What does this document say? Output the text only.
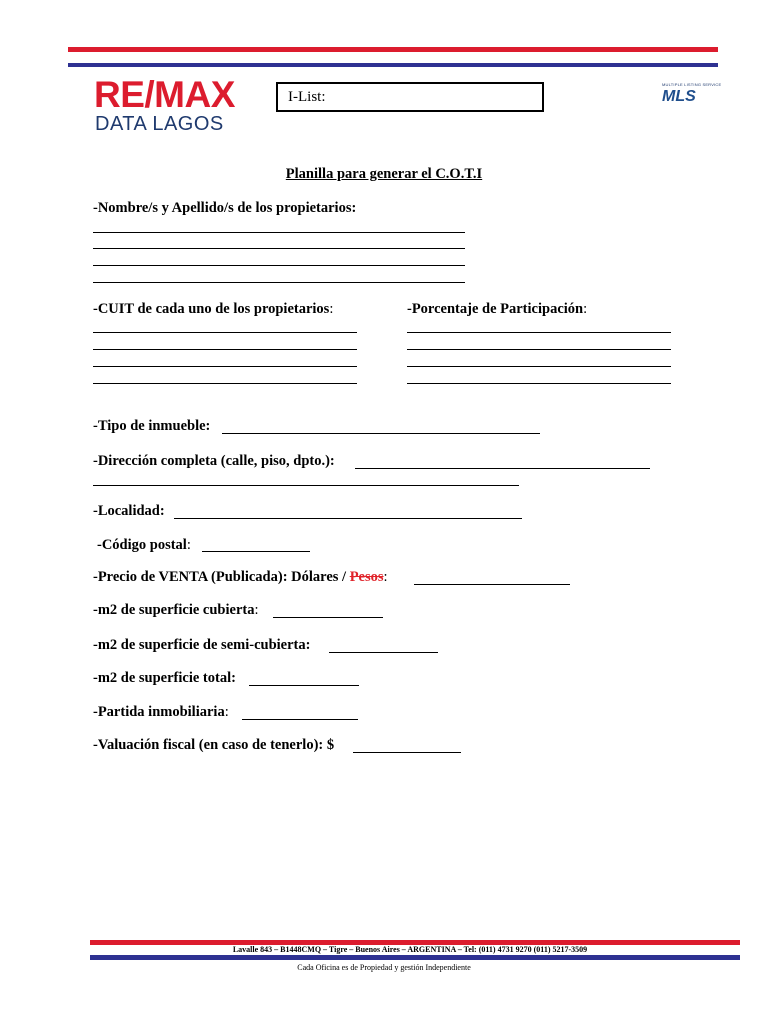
RE/MAX
DATA LAGOS
I-List:
MULTIPLE LISTING SERVICE
MLS
Planilla para generar el C.O.T.I
-Nombre/s y Apellido/s de los propietarios:
-CUIT de cada uno de los propietarios:	-Porcentaje de Participación:
-Tipo de inmueble:
-Dirección completa (calle, piso, dpto.):
-Localidad:
-Código postal:
-Precio de VENTA (Publicada): Dólares / Pesos:
-m2 de superficie cubierta:
-m2 de superficie de semi-cubierta:
-m2 de superficie total:
-Partida inmobiliaria:
-Valuación fiscal (en caso de tenerlo): $
Lavalle 843 – B1448CMQ – Tigre – Buenos Aires – ARGENTINA – Tel: (011) 4731 9270 (011) 5217-3509
Cada Oficina es de Propiedad y gestión Independiente
